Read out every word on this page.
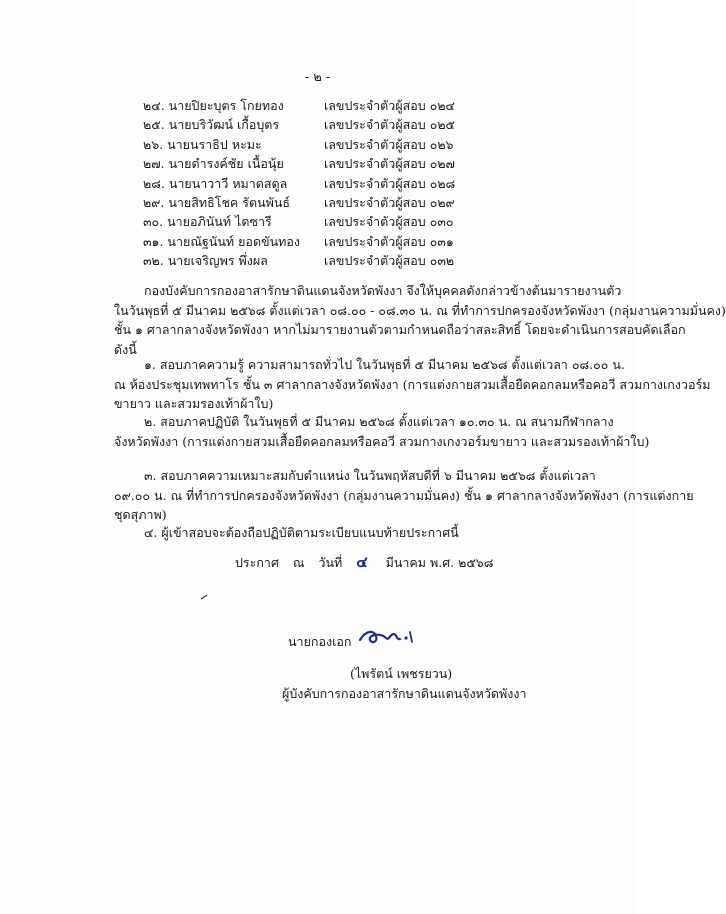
- ๒ -
๒๔. นายปิยะบุตร โกยทอง	เลขประจำตัวผู้สอบ ๐๒๔
๒๕. นายบริวัฒน์ เกื้อบุตร	เลขประจำตัวผู้สอบ ๐๒๕
๒๖. นายนราธิป หะมะ	เลขประจำตัวผู้สอบ ๐๒๖
๒๗. นายดำรงค์ชัย เนื้อนุ้ย	เลขประจำตัวผู้สอบ ๐๒๗
๒๘. นายนาวาวี หมาดสตูล	เลขประจำตัวผู้สอบ ๐๒๘
๒๙. นายสิทธิโชค รัตนพันธ์	เลขประจำตัวผู้สอบ ๐๒๙
๓๐. นายอภินันท์ ไดซารี	เลขประจำตัวผู้สอบ ๐๓๐
๓๑. นายณัฐนันท์ ยอดขันทอง เลขประจำตัวผู้สอบ ๐๓๑
๓๒. นายเจริญพร พึ่งผล	เลขประจำตัวผู้สอบ ๐๓๒
กองบังคับการกองอาสารักษาดินแดนจังหวัดพังงา จึงให้บุคคลดังกล่าวข้างต้นมารายงานตัว
ในวันพุธที่ ๕ มีนาคม ๒๕๖๘ ตั้งแต่เวลา ๐๘.๐๐ - ๐๘.๓๐ น. ณ ที่ทำการปกครองจังหวัดพังงา (กลุ่มงานความมั่นคง)
ชั้น ๑ ศาลากลางจังหวัดพังงา หากไม่มารายงานตัวตามกำหนดถือว่าสละสิทธิ์ โดยจะดำเนินการสอบคัดเลือก
ดังนี้
๑. สอบภาคความรู้ ความสามารถทั่วไป ในวันพุธที่ ๕ มีนาคม ๒๕๖๘ ตั้งแต่เวลา ๐๘.๐๐ น.
ณ ห้องประชุมเทพทาโร ชั้น ๓ ศาลากลางจังหวัดพังงา (การแต่งกายสวมเสื้อยืดคอกลมหรือคอวี สวมกางเกงวอร์ม
ขายาว และสวมรองเท้าผ้าใบ)
๒. สอบภาคปฏิบัติ ในวันพุธที่ ๕ มีนาคม ๒๕๖๘ ตั้งแต่เวลา ๑๐.๓๐ น. ณ สนามกีฬากลาง
จังหวัดพังงา (การแต่งกายสวมเสื้อยืดคอกลมหรือคอวี สวมกางเกงวอร์มขายาว และสวมรองเท้าผ้าใบ)
๓. สอบภาคความเหมาะสมกับตำแหน่ง ในวันพฤหัสบดีที่ ๖ มีนาคม ๒๕๖๘ ตั้งแต่เวลา
๐๙.๐๐ น. ณ ที่ทำการปกครองจังหวัดพังงา (กลุ่มงานความมั่นคง) ชั้น ๑ ศาลากลางจังหวัดพังงา (การแต่งกาย
ชุดสุภาพ)
๔. ผู้เข้าสอบจะต้องถือปฏิบัติตามระเบียบแนบท้ายประกาศนี้
ประกาศ ณ วันที่ ๔ มีนาคม พ.ศ. ๒๕๖๘
นายกองเอก
(ไพรัตน์ เพชรยวน)
ผู้บังคับการกองอาสารักษาดินแดนจังหวัดพังงา
